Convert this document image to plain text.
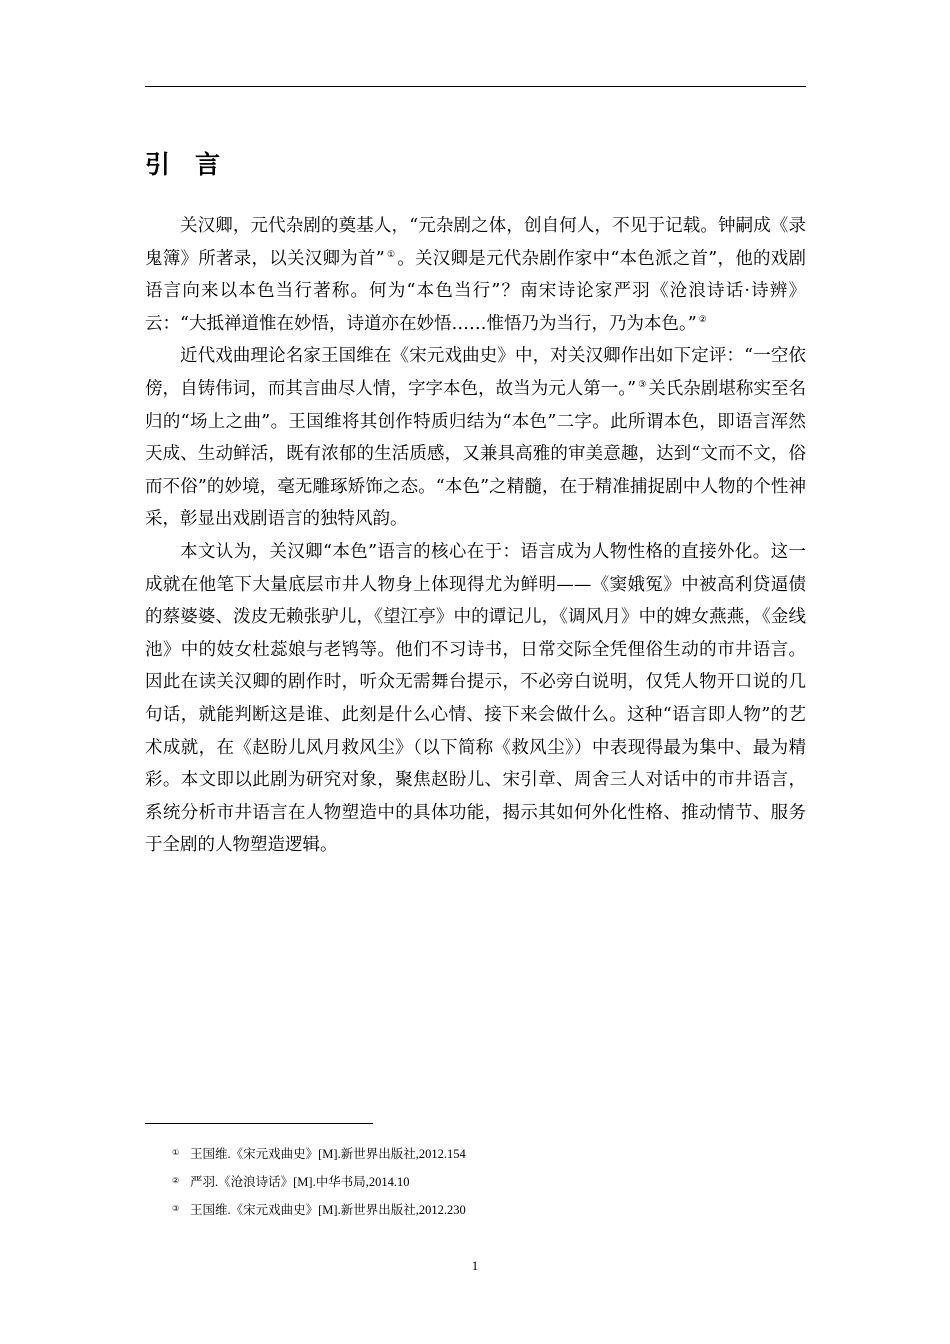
引言

关汉卿，元代杂剧的奠基人，“元杂剧之体，创自何人，不见于记载。钟嗣成《录鬼簿》所著录，以关汉卿为首” ① 。关汉卿是元代杂剧作家中“本色派之首”，他的戏剧语言向来以本色当行著称。何为“本色当行”？南宋诗论家严羽《沧浪诗话·诗辨》云：“大抵禅道惟在妙悟，诗道亦在妙悟……惟悟乃为当行，乃为本色。” ②

近代戏曲理论名家王国维在《宋元戏曲史》中，对关汉卿作出如下定评：“一空依傍，自铸伟词，而其言曲尽人情，字字本色，故当为元人第一。” ③ 关氏杂剧堪称实至名归的“场上之曲”。王国维将其创作特质归结为“本色”二字。此所谓本色，即语言浑然天成、生动鲜活，既有浓郁的生活质感，又兼具高雅的审美意趣，达到“文而不文，俗而不俗”的妙境，毫无雕琢矫饰之态。“本色”之精髓，在于精准捕捉剧中人物的个性神采，彰显出戏剧语言的独特风韵。

本文认为，关汉卿“本色”语言的核心在于：语言成为人物性格的直接外化。这一成就在他笔下大量底层市井人物身上体现得尤为鲜明——《窦娥冤》中被高利贷逼债的蔡婆婆、泼皮无赖张驴儿，《望江亭》中的谭记儿，《调风月》中的婢女燕燕，《金线池》中的妓女杜蕊娘与老鸨等。他们不习诗书，日常交际全凭俚俗生动的市井语言。因此在读关汉卿的剧作时，听众无需舞台提示，不必旁白说明，仅凭人物开口说的几句话，就能判断这是谁、此刻是什么心情、接下来会做什么。这种“语言即人物”的艺术成就，在《赵盼儿风月救风尘》（以下简称《救风尘》）中表现得最为集中、最为精彩。本文即以此剧为研究对象，聚焦赵盼儿、宋引章、周舍三人对话中的市井语言，系统分析市井语言在人物塑造中的具体功能，揭示其如何外化性格、推动情节、服务于全剧的人物塑造逻辑。

① 王国维.《宋元戏曲史》[M].新世界出版社,2012.154
② 严羽.《沧浪诗话》[M].中华书局,2014.10
③ 王国维.《宋元戏曲史》[M].新世界出版社,2012.230
1
